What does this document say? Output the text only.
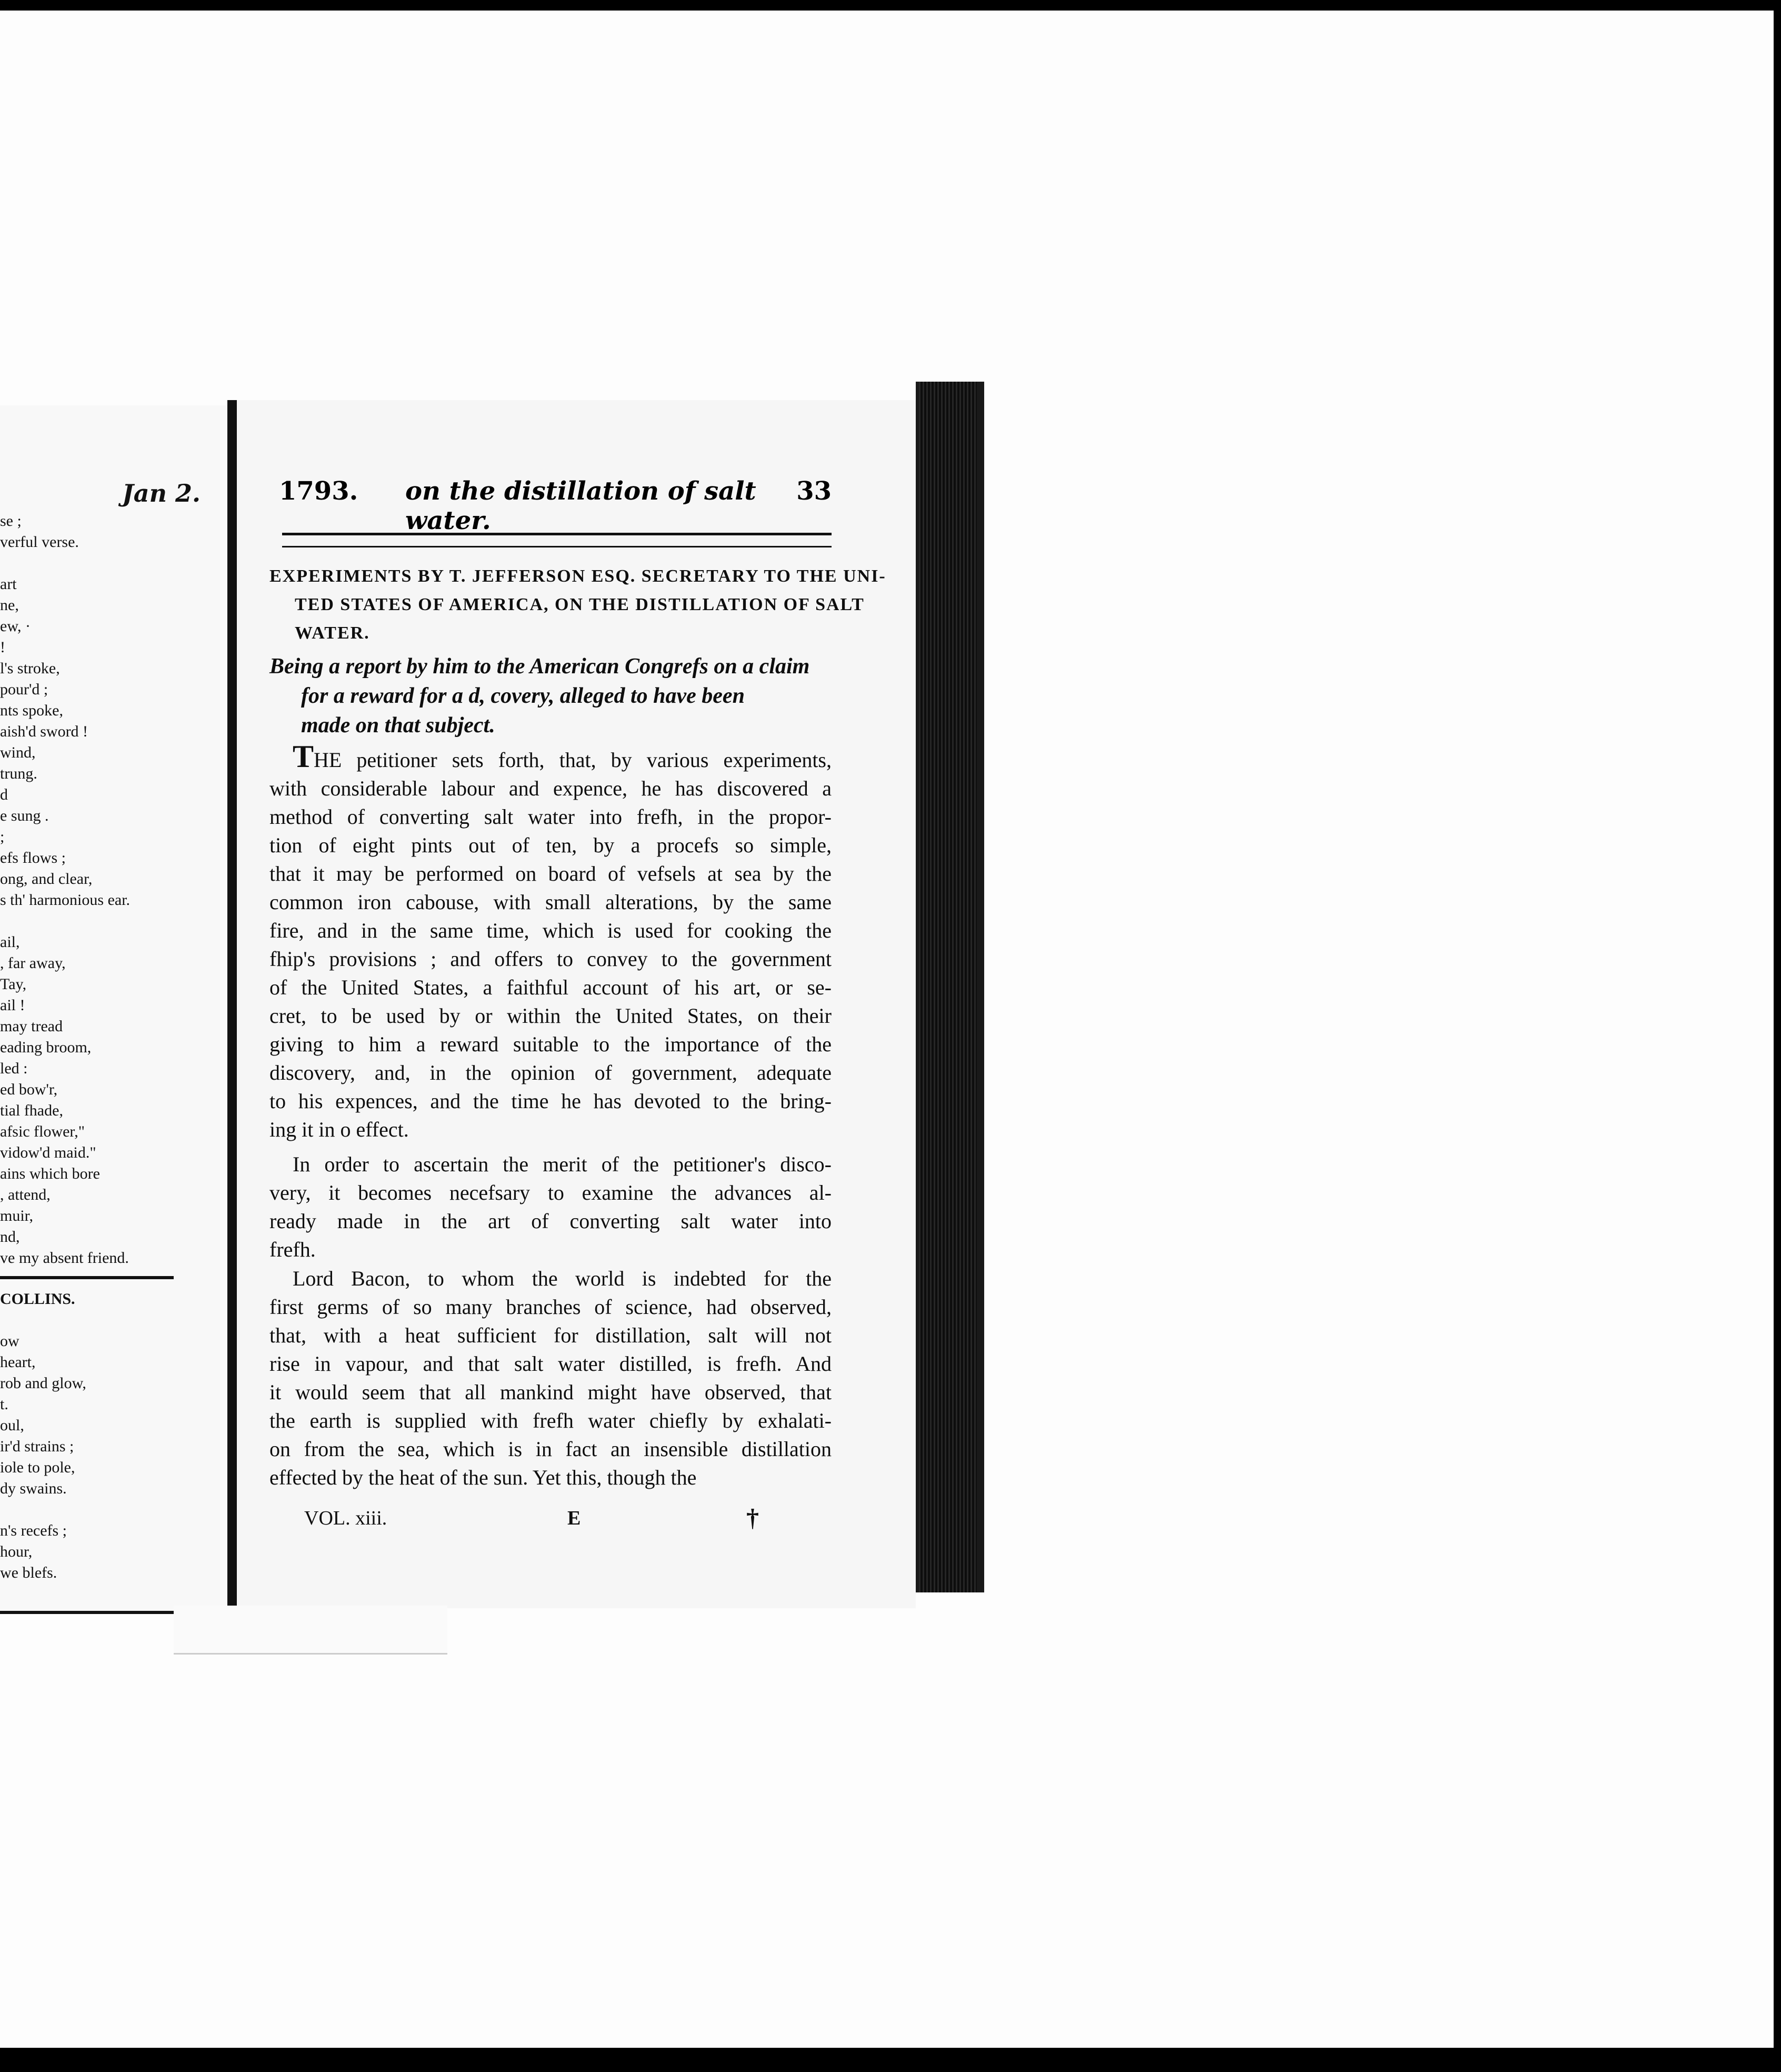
Jan 2.
se ;
verful verse.

art
ne,
ew, ·
!
l's stroke,
pour'd ;
nts spoke,
aish'd sword !
wind,
trung.
d
e sung .
;
efs flows ;
ong, and clear,
s th' harmonious ear.

ail,
, far away,
Tay,
ail !
may tread
eading broom,
led :
ed bow'r,
tial fhade,
afsic flower,"
vidow'd maid."
ains which bore
, attend,
muir,
nd,
ve my absent friend.
COLLINS.

ow
heart,
rob and glow,
t.
oul,
ir'd strains ;
iole to pole,
dy swains.

n's recefs ;
hour,
we blefs.
1793. on the distillation of salt water.
33
EXPERIMENTS BY T. JEFFERSON ESQ. SECRETARY TO THE UNI-
TED STATES OF AMERICA, ON THE DISTILLATION OF SALT
WATER.
Being a report by him to the American Congrefs on a claim
for a reward for a d, covery, alleged to have been
made on that subject.
THE petitioner sets forth, that, by various experiments,
with considerable labour and expence, he has discovered a
method of converting salt water into frefh, in the propor-
tion of eight pints out of ten, by a procefs so simple,
that it may be performed on board of vefsels at sea by the
common iron cabouse, with small alterations, by the same
fire, and in the same time, which is used for cooking the
fhip's provisions ; and offers to convey to the government
of the United States, a faithful account of his art, or se-
cret, to be used by or within the United States, on their
giving to him a reward suitable to the importance of the
discovery, and, in the opinion of government, adequate
to his expences, and the time he has devoted to the bring-
ing it in o effect.
In order to ascertain the merit of the petitioner's disco-
very, it becomes necefsary to examine the advances al-
ready made in the art of converting salt water into
frefh.
Lord Bacon, to whom the world is indebted for the
first germs of so many branches of science, had observed,
that, with a heat sufficient for distillation, salt will not
rise in vapour, and that salt water distilled, is frefh. And
it would seem that all mankind might have observed, that
the earth is supplied with frefh water chiefly by exhalati-
on from the sea, which is in fact an insensible distillation
effected by the heat of the sun. Yet this, though the
VOL. xiii.	E	†
